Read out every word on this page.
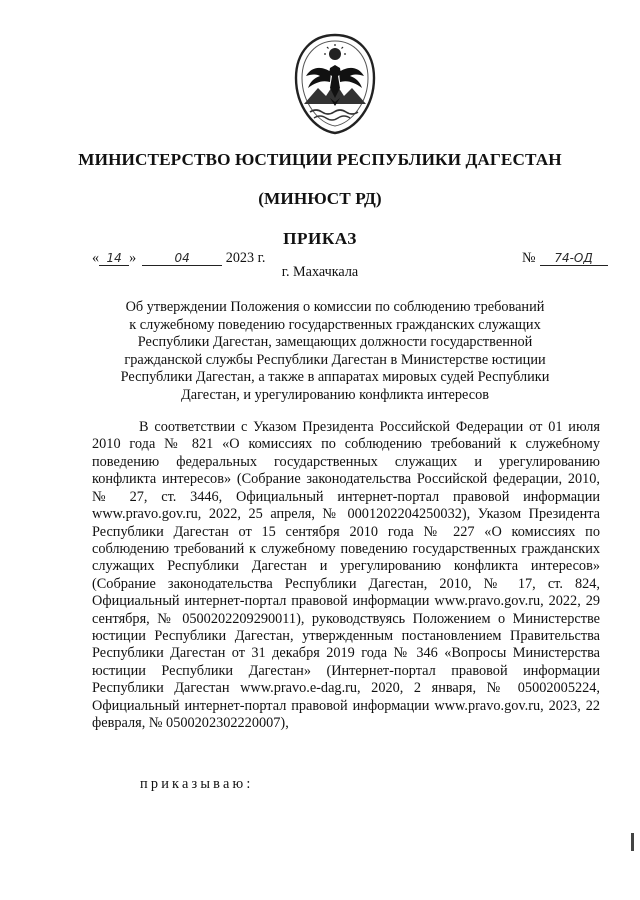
МИНИСТЕРСТВО ЮСТИЦИИ РЕСПУБЛИКИ ДАГЕСТАН
(МИНЮСТ РД)
ПРИКАЗ
« 14 »	04	2023 г.	№ 74-ОД
г. Махачкала
Об утверждении Положения о комиссии по соблюдению требований
к служебному поведению государственных гражданских служащих
Республики Дагестан, замещающих должности государственной
гражданской службы Республики Дагестан в Министерстве юстиции
Республики Дагестан, а также в аппаратах мировых судей Республики
Дагестан, и урегулированию конфликта интересов

В соответствии с Указом Президента Российской Федерации от 01 июля 2010 года № 821 «О комиссиях по соблюдению требований к служебному поведению федеральных государственных служащих и урегулированию конфликта интересов» (Собрание законодательства Российской федерации, 2010, № 27, ст. 3446, Официальный интернет-портал правовой информации www.pravo.gov.ru, 2022, 25 апреля, № 0001202204250032), Указом Президента Республики Дагестан от 15 сентября 2010 года № 227 «О комиссиях по соблюдению требований к служебному поведению государственных гражданских служащих Республики Дагестан и урегулированию конфликта интересов» (Собрание законодательства Республики Дагестан, 2010, № 17, ст. 824, Официальный интернет-портал правовой информации www.pravo.gov.ru, 2022, 29 сентября, № 0500202209290011), руководствуясь Положением о Министерстве юстиции Республики Дагестан, утвержденным постановлением Правительства Республики Дагестан от 31 декабря 2019 года № 346 «Вопросы Министерства юстиции Республики Дагестан» (Интернет-портал правовой информации Республики Дагестан www.pravo.e-dag.ru, 2020, 2 января, № 05002005224, Официальный интернет-портал правовой информации www.pravo.gov.ru, 2023, 22 февраля, № 0500202302220007),

приказываю:
